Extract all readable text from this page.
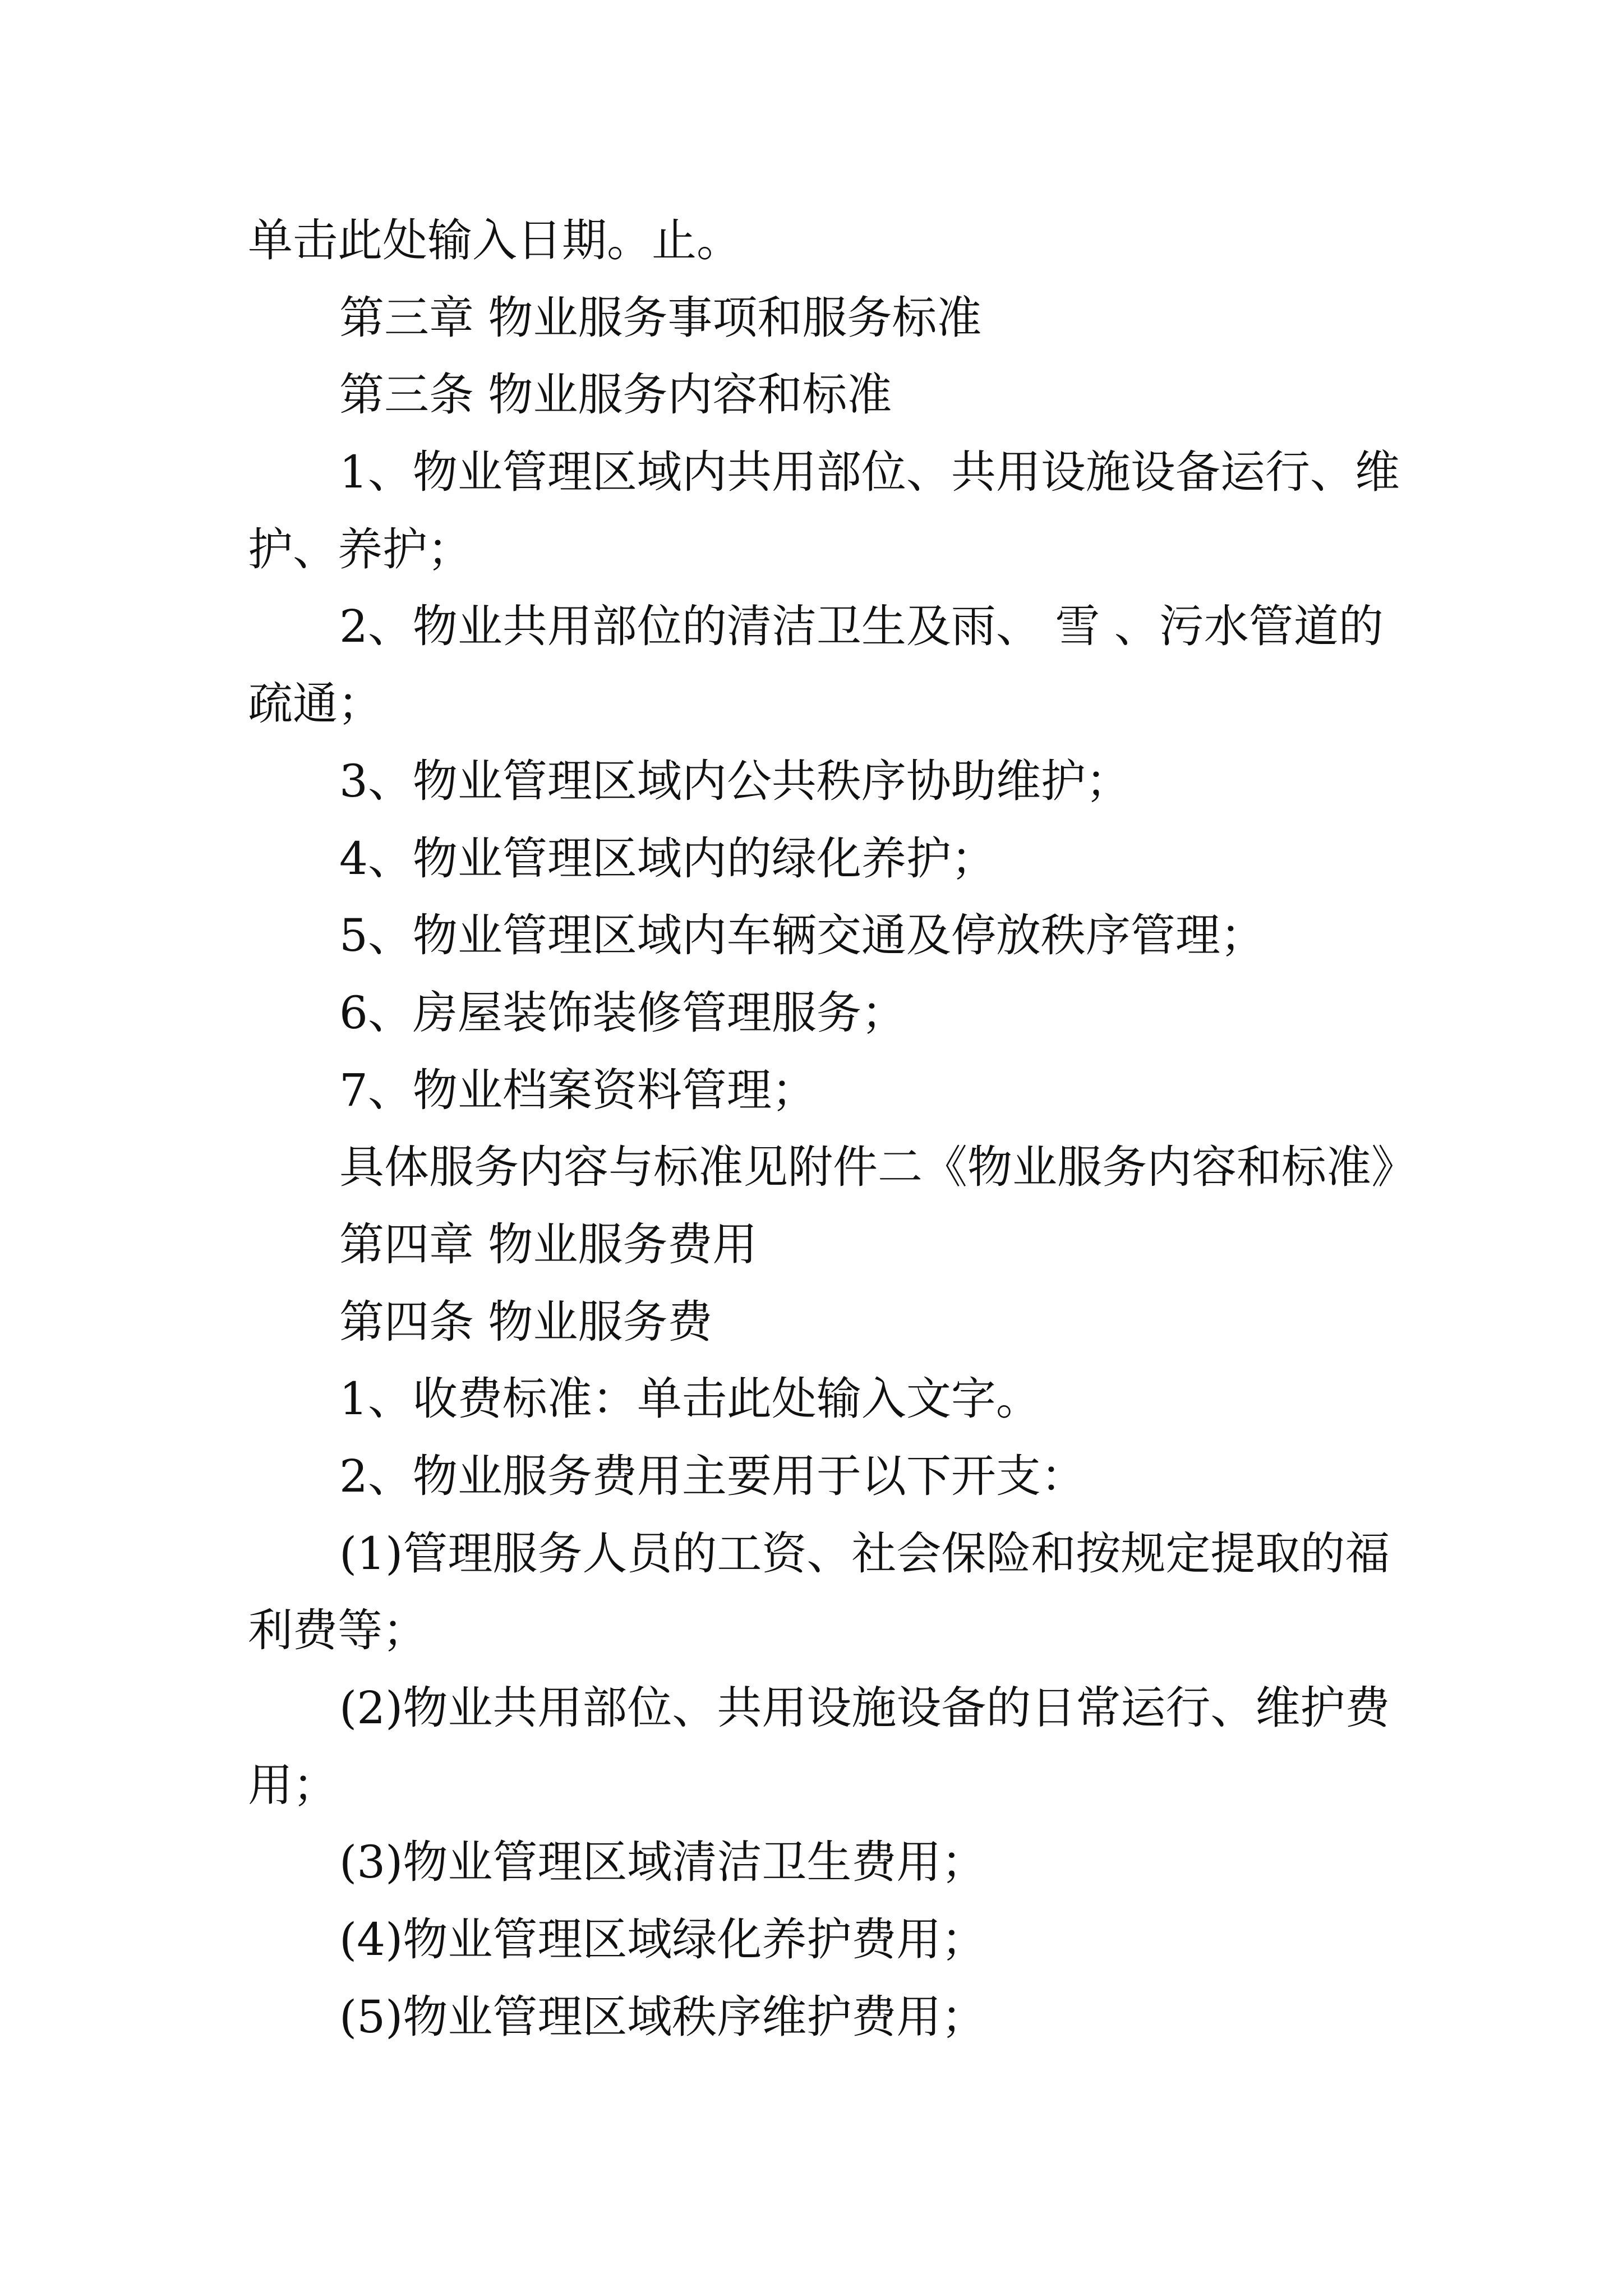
单击此处输入日期。止。
第三章 物业服务事项和服务标准
第三条 物业服务内容和标准
1、物业管理区域内共用部位、共用设施设备运行、维
护、养护；
2、物业共用部位的清洁卫生及雨、 雪 、污水管道的
疏通；
3、物业管理区域内公共秩序协助维护；
4、物业管理区域内的绿化养护；
5、物业管理区域内车辆交通及停放秩序管理；
6、房屋装饰装修管理服务；
7、物业档案资料管理；
具体服务内容与标准见附件二《物业服务内容和标准》
第四章 物业服务费用
第四条 物业服务费
1、收费标准：单击此处输入文字。
2、物业服务费用主要用于以下开支：
(1)管理服务人员的工资、社会保险和按规定提取的福
利费等；
(2)物业共用部位、共用设施设备的日常运行、维护费
用；
(3)物业管理区域清洁卫生费用；
(4)物业管理区域绿化养护费用；
(5)物业管理区域秩序维护费用；
